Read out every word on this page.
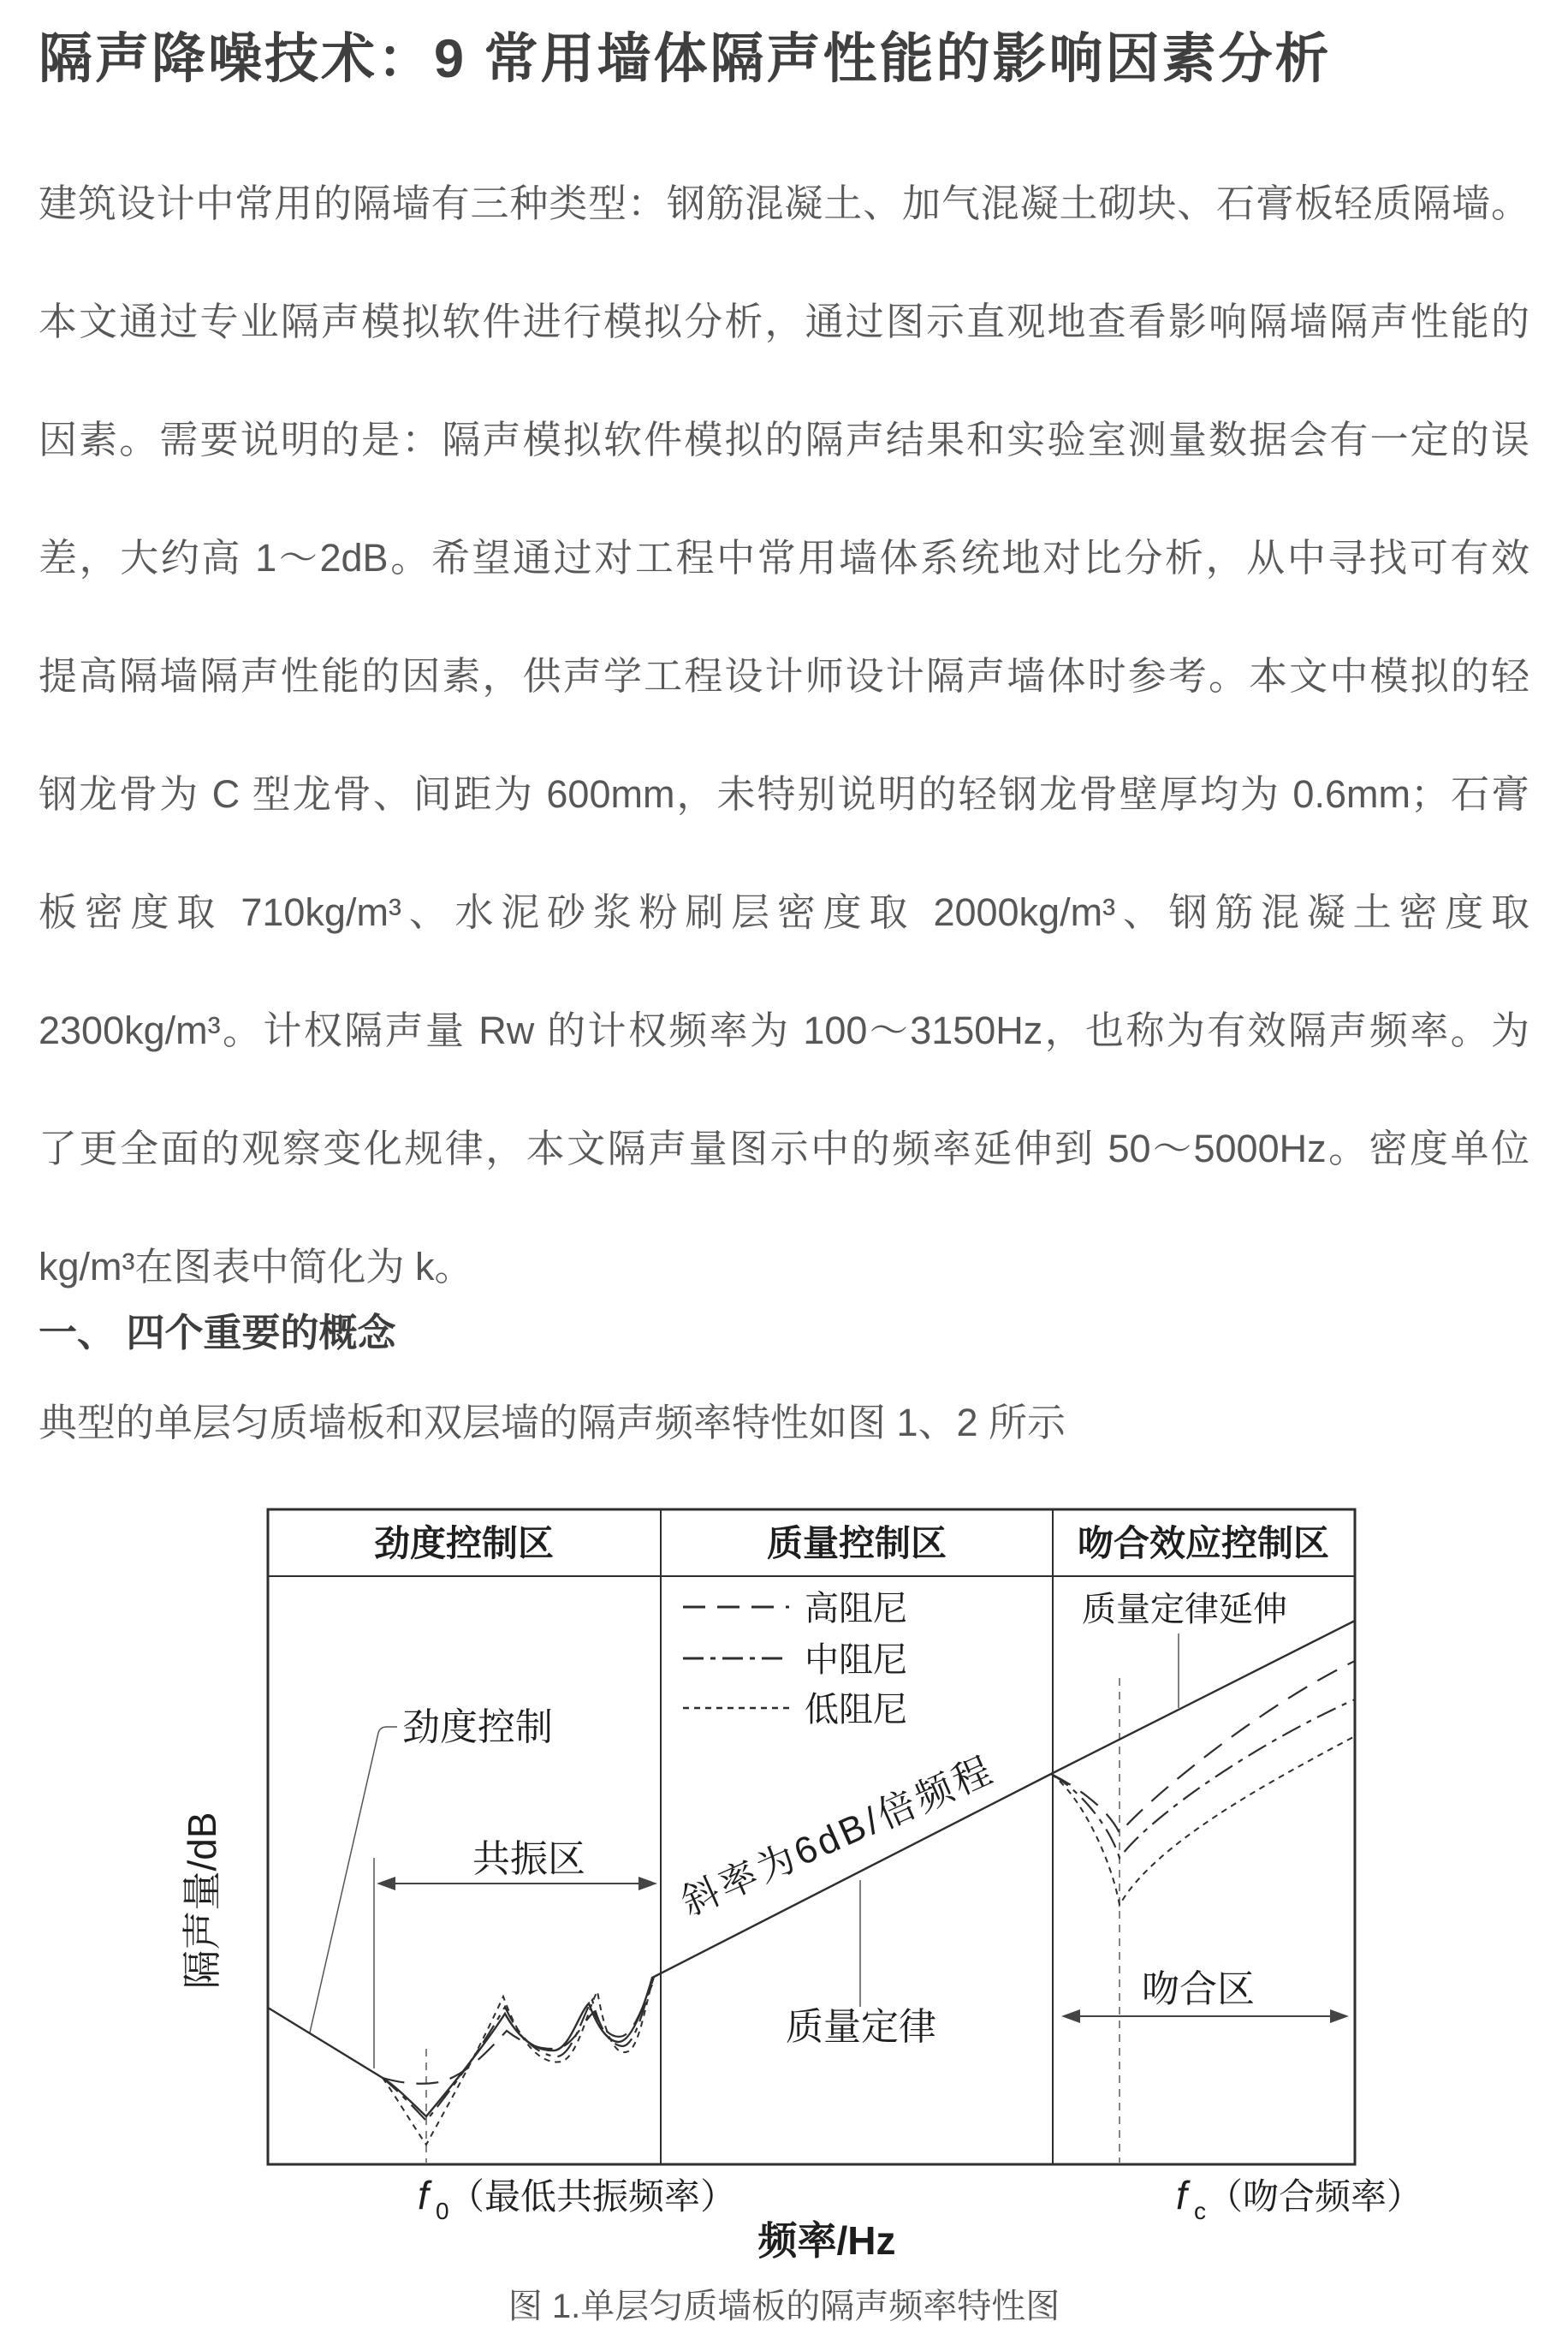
隔声降噪技术：9 常用墙体隔声性能的影响因素分析
建筑设计中常用的隔墙有三种类型：钢筋混凝土、加气混凝土砌块、石膏板轻质隔墙。
本文通过专业隔声模拟软件进行模拟分析，通过图示直观地查看影响隔墙隔声性能的
因素。需要说明的是：隔声模拟软件模拟的隔声结果和实验室测量数据会有一定的误
差，大约高 1～2dB。希望通过对工程中常用墙体系统地对比分析，从中寻找可有效
提高隔墙隔声性能的因素，供声学工程设计师设计隔声墙体时参考。本文中模拟的轻
钢龙骨为 C 型龙骨、间距为 600mm，未特别说明的轻钢龙骨壁厚均为 0.6mm；石膏
板密度取 710kg/m³、水泥砂浆粉刷层密度取 2000kg/m³、钢筋混凝土密度取
2300kg/m³。计权隔声量 Rw 的计权频率为 100～3150Hz，也称为有效隔声频率。为
了更全面的观察变化规律，本文隔声量图示中的频率延伸到 50～5000Hz。密度单位
kg/m³在图表中简化为 k。
一、 四个重要的概念
典型的单层匀质墙板和双层墙的隔声频率特性如图 1、2 所示
劲度控制区	质量控制区	吻合效应控制区
高阻尼
中阻尼
低阻尼
质量定律延伸
隔声量/dB
劲度控制
共振区 斜率为6dB/倍频程
质量定律
吻合区
f 0 （最低共振频率）	f c （吻合频率）
频率/Hz
图 1.单层匀质墙板的隔声频率特性图
